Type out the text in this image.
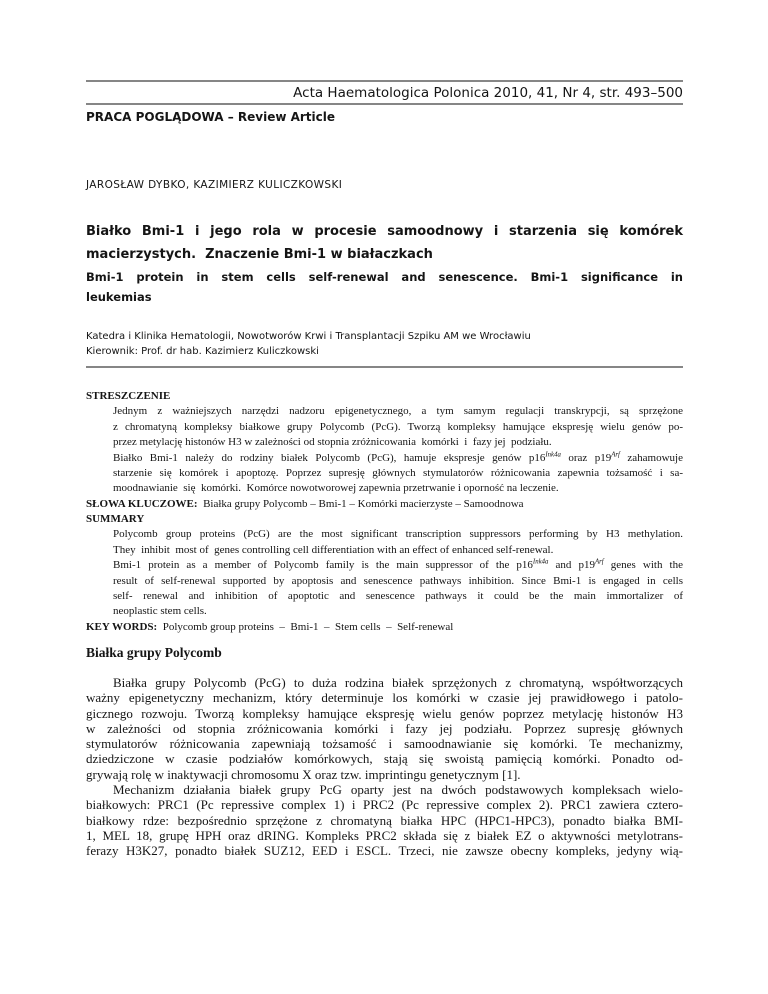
Acta Haematologica Polonica 2010, 41, Nr 4, str. 493–500
PRACA POGLĄDOWA – Review Article
JAROSŁAW DYBKO, KAZIMIERZ KULICZKOWSKI
Białko Bmi-1 i jego rola w procesie samoodnowy i starzenia się komórek
macierzystych.  Znaczenie Bmi-1 w białaczkach
Bmi-1 protein in stem cells self-renewal and senescence. Bmi-1 significance in
leukemias
Katedra i Klinika Hematologii, Nowotworów Krwi i Transplantacji Szpiku AM we Wrocławiu
Kierownik: Prof. dr hab. Kazimierz Kuliczkowski
STRESZCZENIE
Jednym z ważniejszych narzędzi nadzoru epigenetycznego, a tym samym regulacji transkrypcji, są sprzężone
z chromatyną kompleksy białkowe grupy Polycomb (PcG). Tworzą kompleksy hamujące ekspresję wielu genów po-
przez metylację histonów H3 w zależności od stopnia zróżnicowania  komórki  i  fazy jej  podziału.
Białko Bmi-1 należy do rodziny białek Polycomb (PcG), hamuje ekspresje genów $p16^{Ink4a}$ oraz $p19^{Arf}$ zahamowuje
starzenie się komórek i apoptozę. Poprzez supresję głównych stymulatorów różnicowania zapewnia tożsamość i sa-
moodnawianie  się  komórki.  Komórce nowotworowej zapewnia przetrwanie i oporność na leczenie.
SŁOWA KLUCZOWE:  Białka grupy Polycomb – Bmi-1 – Komórki macierzyste – Samoodnowa
SUMMARY
Polycomb group proteins (PcG) are the most significant transcription suppressors performing by H3 methylation.
They  inhibit  most of  genes controlling cell differentiation with an effect of enhanced self-renewal.
Bmi-1 protein as a member of Polycomb family is the main suppressor of the $p16^{Ink4a}$ and $p19^{Arf}$ genes with the
result of self-renewal supported by apoptosis and senescence pathways inhibition. Since Bmi-1 is engaged in cells
self- renewal and inhibition of apoptotic and senescence pathways it could be the main immortalizer of
neoplastic stem cells.
KEY WORDS:  Polycomb group proteins  –  Bmi-1  –  Stem cells  –  Self-renewal
Białka grupy Polycomb
Białka grupy Polycomb (PcG) to duża rodzina białek sprzężonych z chromatyną, współtworzących
ważny epigenetyczny mechanizm, który determinuje los komórki w czasie jej prawidłowego i patolo-
gicznego rozwoju. Tworzą kompleksy hamujące ekspresję wielu genów poprzez metylację histonów H3
w zależności od stopnia zróżnicowania komórki i fazy jej podziału. Poprzez supresję głównych
stymulatorów różnicowania zapewniają tożsamość i samoodnawianie się komórki. Te mechanizmy,
dziedziczone w czasie podziałów komórkowych, stają się swoistą pamięcią komórki. Ponadto od-
grywają rolę w inaktywacji chromosomu X oraz tzw. imprintingu genetycznym [1].
Mechanizm działania białek grupy PcG oparty jest na dwóch podstawowych kompleksach wielo-
białkowych: PRC1 (Pc repressive complex 1) i PRC2 (Pc repressive complex 2). PRC1 zawiera cztero-
białkowy rdze: bezpośrednio sprzężone z chromatyną białka HPC (HPC1-HPC3), ponadto białka BMI-
1, MEL 18, grupę HPH oraz dRING. Kompleks PRC2 składa się z białek EZ o aktywności metylotrans-
ferazy H3K27, ponadto białek SUZ12, EED i ESCL. Trzeci, nie zawsze obecny kompleks, jedyny wią-
